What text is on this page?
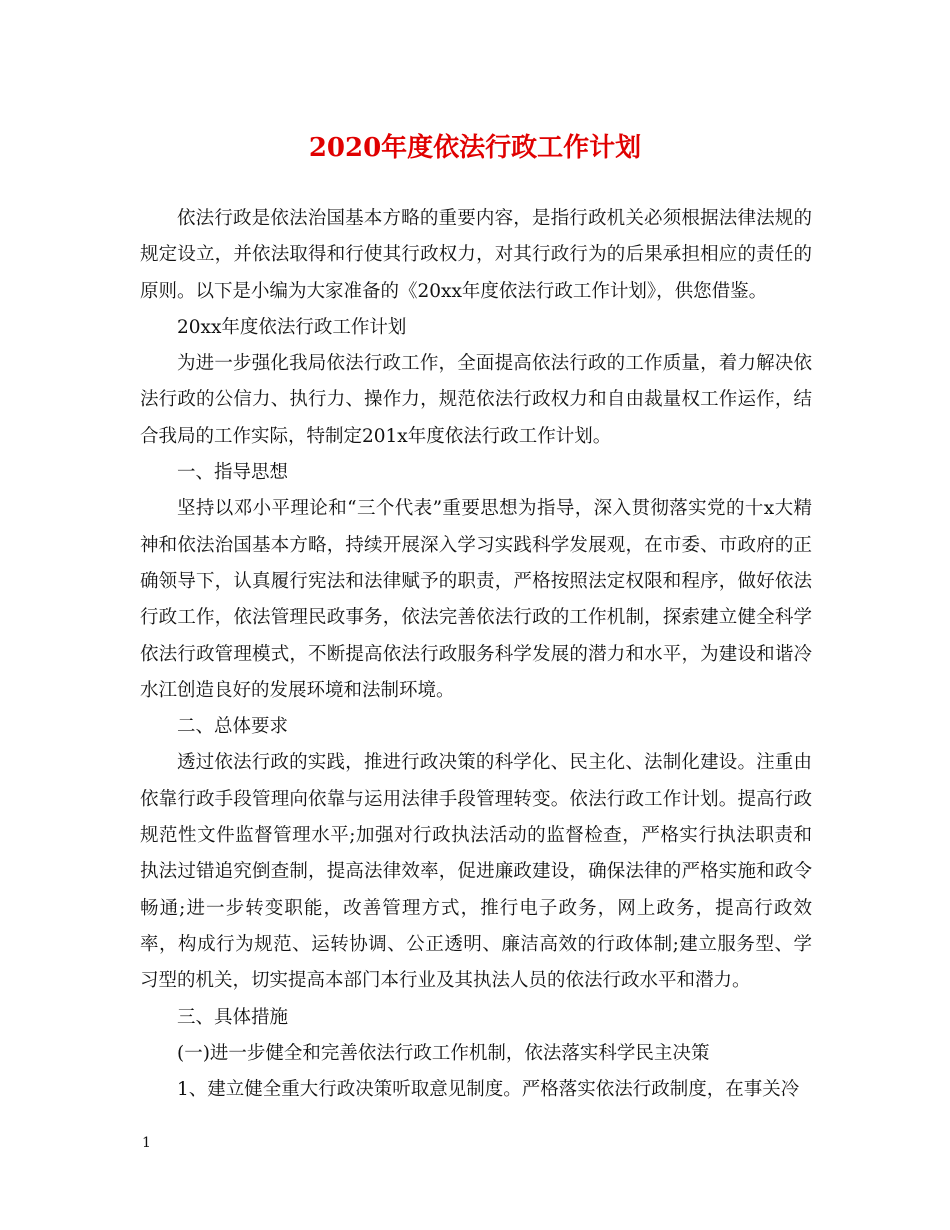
2020年度依法行政工作计划

依法行政是依法治国基本方略的重要内容，是指行政机关必须根据法律法规的规定设立，并依法取得和行使其行政权力，对其行政行为的后果承担相应的责任的原则。以下是小编为大家准备的《20xx年度依法行政工作计划》，供您借鉴。

20xx年度依法行政工作计划

为进一步强化我局依法行政工作，全面提高依法行政的工作质量，着力解决依法行政的公信力、执行力、操作力，规范依法行政权力和自由裁量权工作运作，结合我局的工作实际，特制定201x年度依法行政工作计划。

一、指导思想

坚持以邓小平理论和“三个代表”重要思想为指导，深入贯彻落实党的十x大精神和依法治国基本方略，持续开展深入学习实践科学发展观，在市委、市政府的正确领导下，认真履行宪法和法律赋予的职责，严格按照法定权限和程序，做好依法行政工作，依法管理民政事务，依法完善依法行政的工作机制，探索建立健全科学依法行政管理模式，不断提高依法行政服务科学发展的潜力和水平，为建设和谐冷水江创造良好的发展环境和法制环境。

二、总体要求

透过依法行政的实践，推进行政决策的科学化、民主化、法制化建设。注重由依靠行政手段管理向依靠与运用法律手段管理转变。依法行政工作计划。提高行政规范性文件监督管理水平;加强对行政执法活动的监督检查，严格实行执法职责和执法过错追究倒查制，提高法律效率，促进廉政建设，确保法律的严格实施和政令畅通;进一步转变职能，改善管理方式，推行电子政务，网上政务，提高行政效率，构成行为规范、运转协调、公正透明、廉洁高效的行政体制;建立服务型、学习型的机关，切实提高本部门本行业及其执法人员的依法行政水平和潜力。

三、具体措施

(一)进一步健全和完善依法行政工作机制，依法落实科学民主决策

1、建立健全重大行政决策听取意见制度。严格落实依法行政制度，在事关冷

1
